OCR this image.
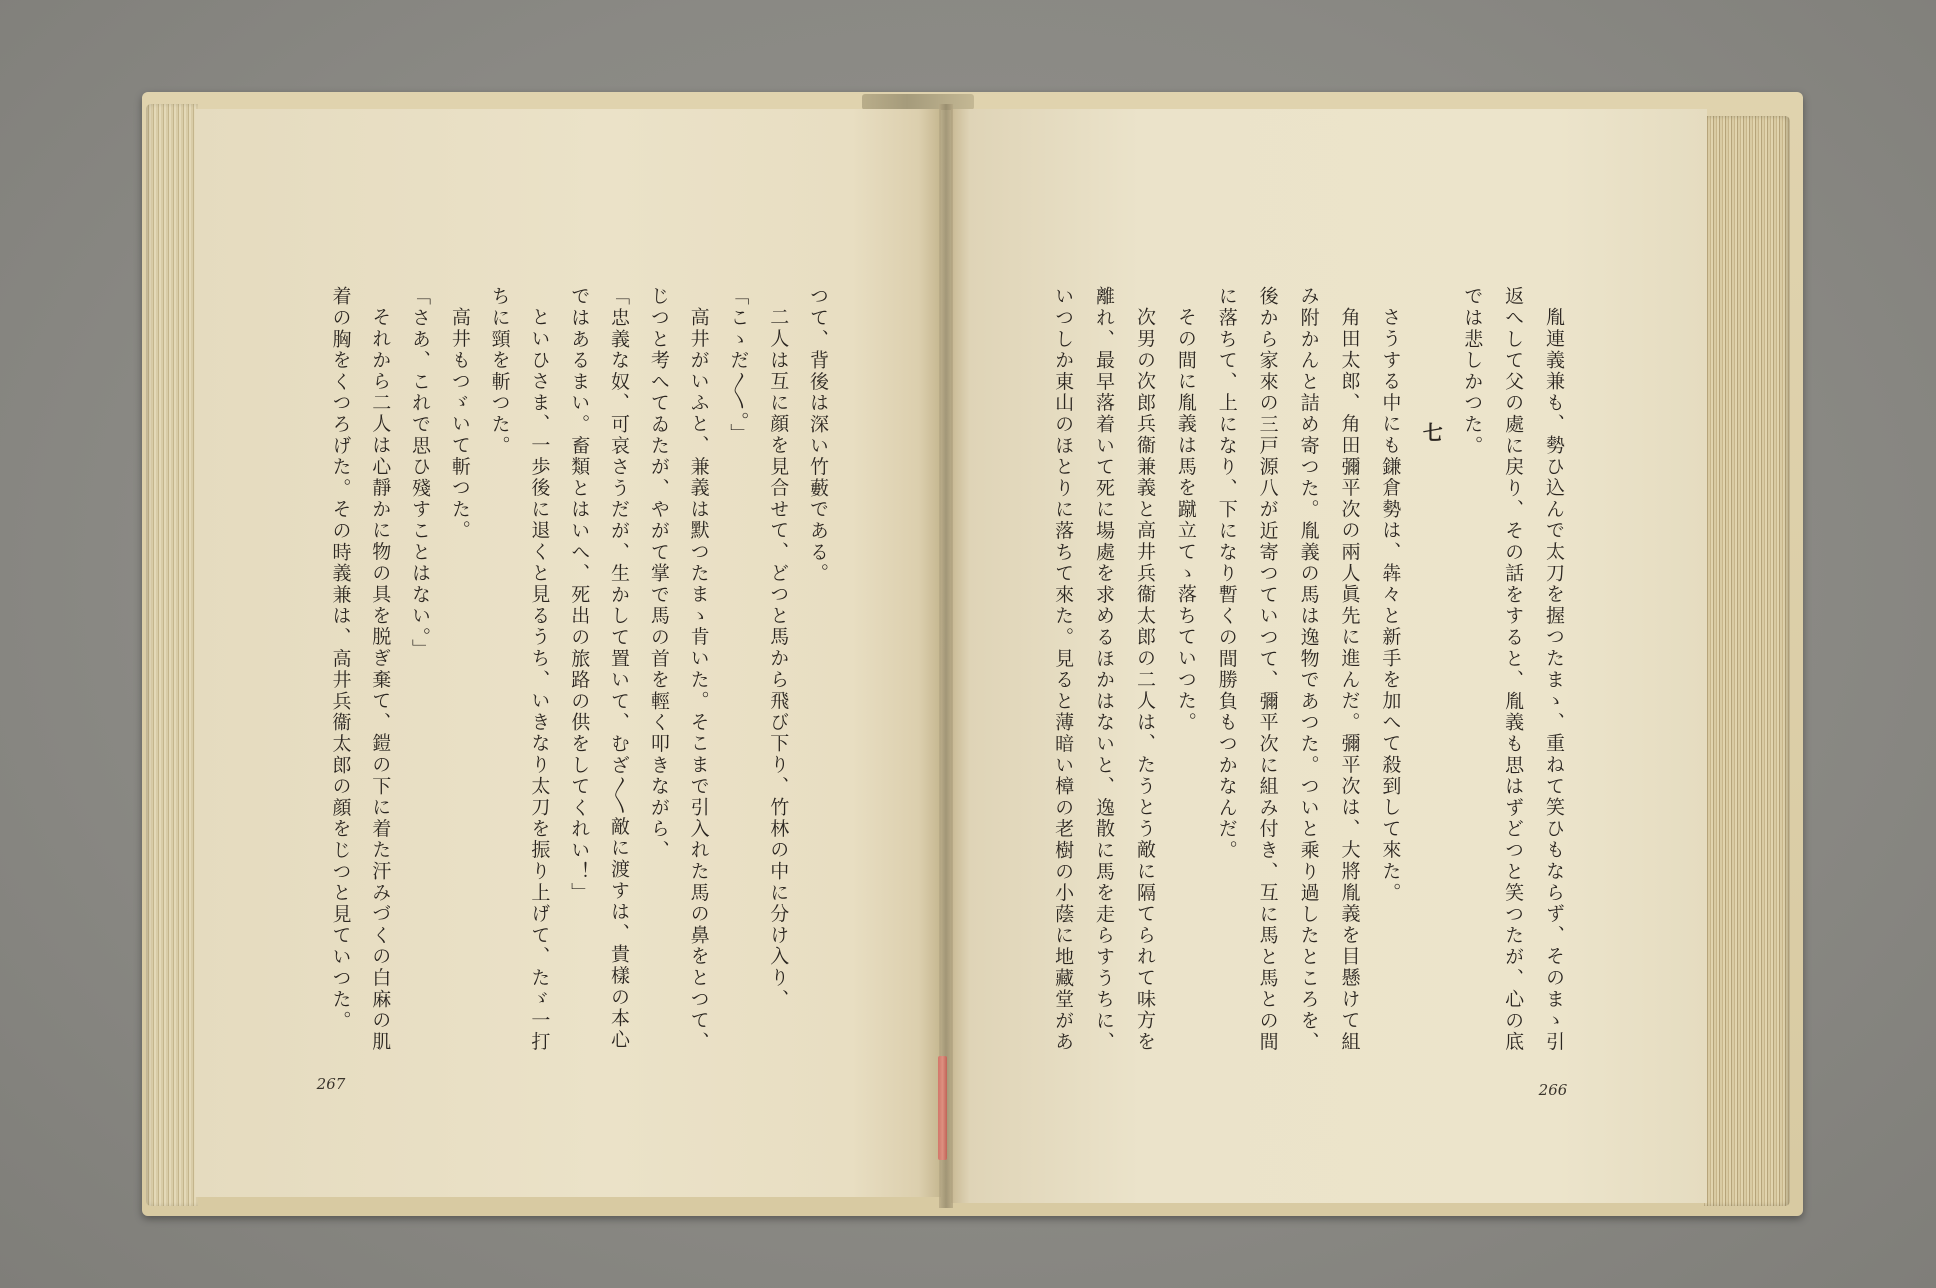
つて、背後は深い竹藪である。
二人は互に顔を見合せて、どつと馬から飛び下り、竹林の中に分け入り、
「こゝだ〳〵。」
高井がいふと、兼義は默つたまゝ肯いた。そこまで引入れた馬の鼻をとつて、
じつと考へてゐたが、やがて掌で馬の首を輕く叩きながら、
「忠義な奴、可哀さうだが、生かして置いて、むざ〳〵敵に渡すは、貴樣の本心
ではあるまい。畜類とはいへ、死出の旅路の供をしてくれい！」
といひさま、一歩後に退くと見るうち、いきなり太刀を振り上げて、たゞ一打
ちに頸を斬つた。
高井もつゞいて斬つた。
「さあ、これで思ひ殘すことはない。」
それから二人は心靜かに物の具を脱ぎ棄て、鎧の下に着た汗みづくの白麻の肌
着の胸をくつろげた。その時義兼は、高井兵衞太郎の顔をじつと見ていつた。
267
胤連義兼も、勢ひ込んで太刀を握つたまゝ、重ねて笑ひもならず、そのまゝ引
返へして父の處に戻り、その話をすると、胤義も思はずどつと笑つたが、心の底
では悲しかつた。
七
さうする中にも鎌倉勢は、犇々と新手を加へて殺到して來た。
角田太郎、角田彌平次の兩人眞先に進んだ。彌平次は、大將胤義を目懸けて組
み附かんと詰め寄つた。胤義の馬は逸物であつた。ついと乘り過したところを、
後から家來の三戸源八が近寄つていつて、彌平次に組み付き、互に馬と馬との間
に落ちて、上になり、下になり暫くの間勝負もつかなんだ。
その間に胤義は馬を蹴立てゝ落ちていつた。
次男の次郎兵衞兼義と高井兵衞太郎の二人は、たうとう敵に隔てられて味方を
離れ、最早落着いて死に場處を求めるほかはないと、逸散に馬を走らすうちに、
いつしか東山のほとりに落ちて來た。見ると薄暗い樟の老樹の小蔭に地藏堂があ
266
